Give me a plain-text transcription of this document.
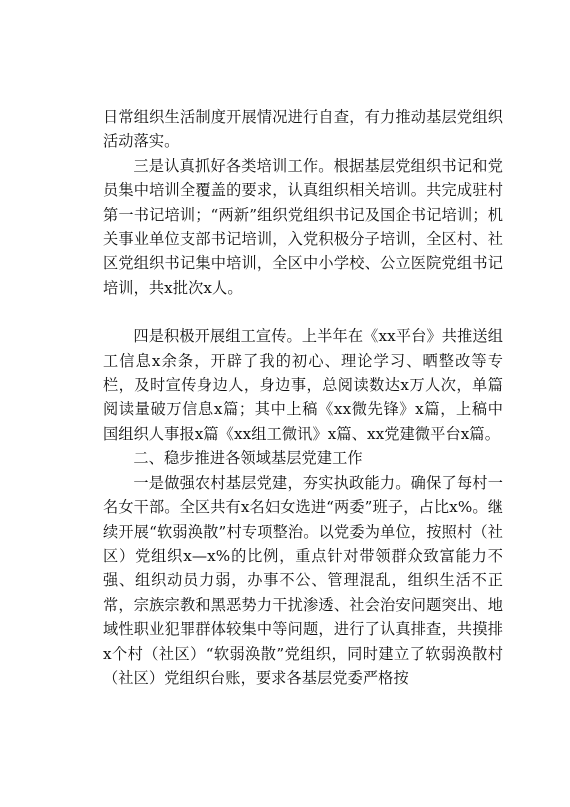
日常组织生活制度开展情况进行自查，有力推动基层党组织活动落实。

三是认真抓好各类培训工作。根据基层党组织书记和党员集中培训全覆盖的要求，认真组织相关培训。共完成驻村第一书记培训；“两新”组织党组织书记及国企书记培训；机关事业单位支部书记培训，入党积极分子培训，全区村、社区党组织书记集中培训，全区中小学校、公立医院党组书记培训，共x批次x人。

四是积极开展组工宣传。上半年在《xx平台》共推送组工信息x余条，开辟了我的初心、理论学习、晒整改等专栏，及时宣传身边人，身边事，总阅读数达x万人次，单篇阅读量破万信息x篇；其中上稿《xx微先锋》x篇，上稿中国组织人事报x篇《xx组工微讯》x篇、xx党建微平台x篇。

二、稳步推进各领域基层党建工作

一是做强农村基层党建，夯实执政能力。确保了每村一名女干部。全区共有x名妇女选进“两委”班子，占比x%。继续开展“软弱涣散”村专项整治。以党委为单位，按照村（社区）党组织x—x%的比例，重点针对带领群众致富能力不强、组织动员力弱，办事不公、管理混乱，组织生活不正常，宗族宗教和黑恶势力干扰渗透、社会治安问题突出、地域性职业犯罪群体较集中等问题，进行了认真排查，共摸排x个村（社区）“软弱涣散”党组织，同时建立了软弱涣散村（社区）党组织台账，要求各基层党委严格按
